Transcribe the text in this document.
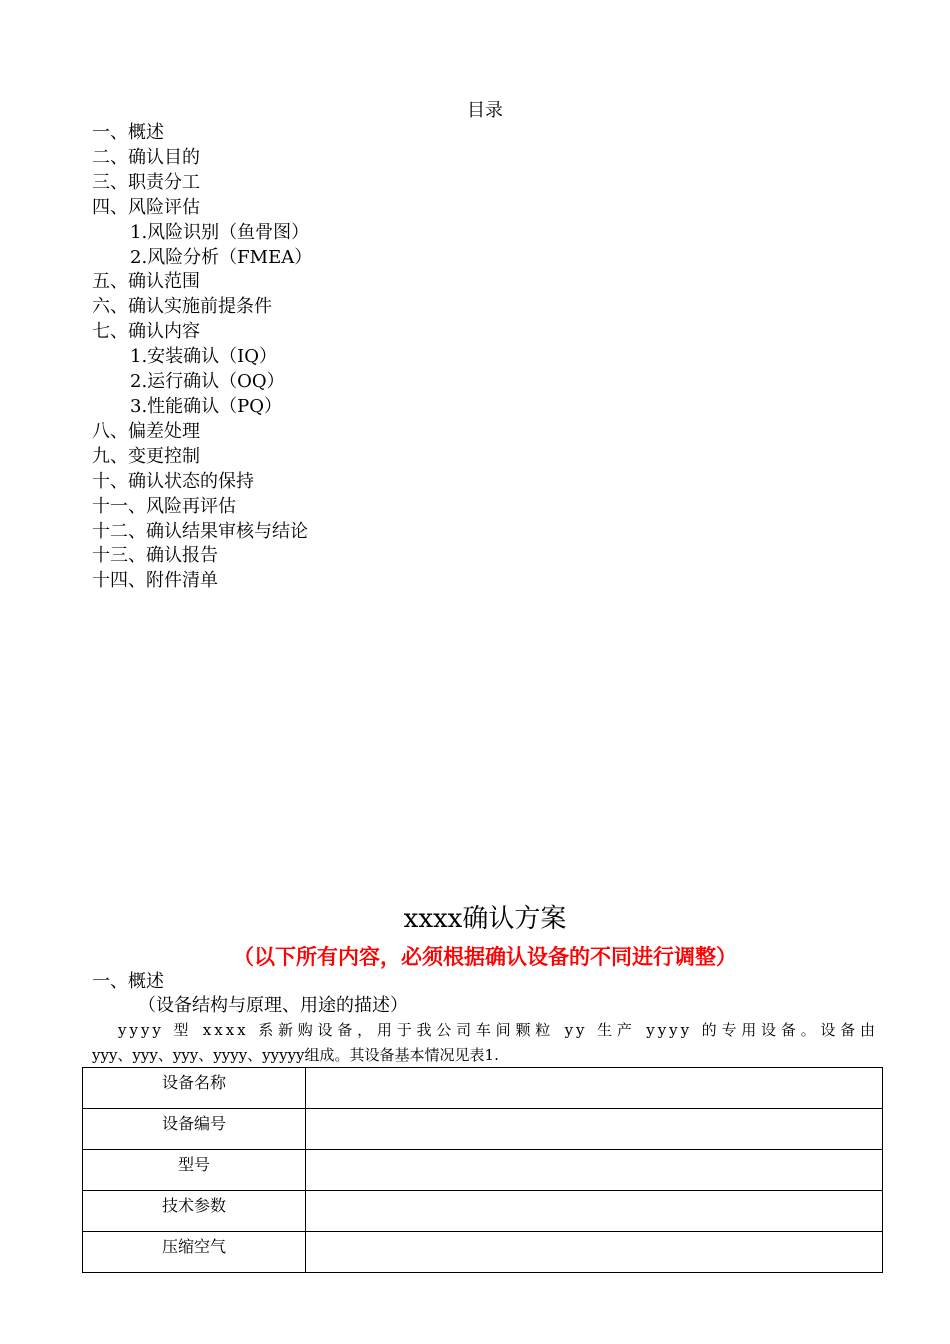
目录
一、概述
二、确认目的
三、职责分工
四、风险评估
1.风险识别（鱼骨图）
2.风险分析（FMEA）
五、确认范围
六、确认实施前提条件
七、确认内容
1.安装确认（IQ）
2.运行确认（OQ）
3.性能确认（PQ）
八、偏差处理
九、变更控制
十、确认状态的保持
十一、风险再评估
十二、确认结果审核与结论
十三、确认报告
十四、附件清单
xxxx确认方案
（以下所有内容，必须根据确认设备的不同进行调整）
一、概述
（设备结构与原理、用途的描述）
yyyy 型 xxxx 系新购设备，用于我公司车间颗粒 yy 生产 yyyy 的专用设备。设备由
yyy、yyy、yyy、yyyy、yyyyy组成。其设备基本情况见表1.
设备名称	
设备编号	
型号	
技术参数	
压缩空气	
